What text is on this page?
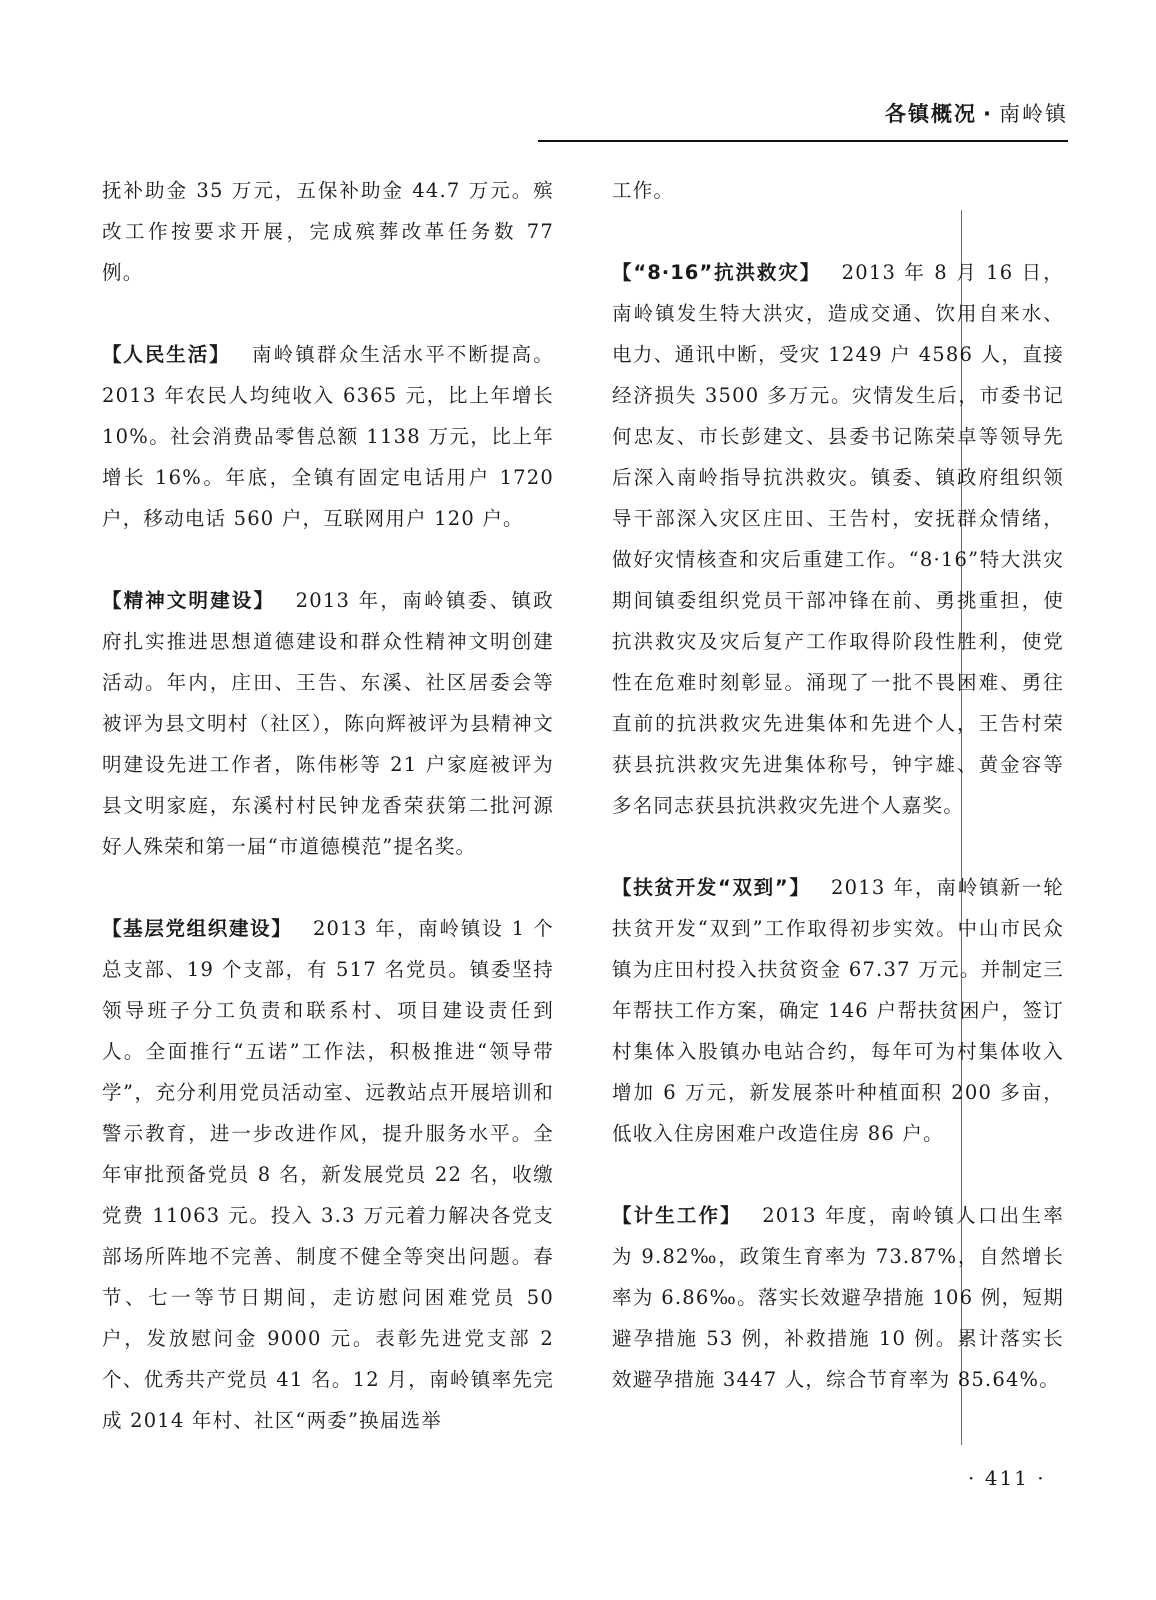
各镇概况 · 南岭镇

抚补助金 35 万元，五保补助金 44.7 万元。殡改工作按要求开展，完成殡葬改革任务数 77 例。

【人民生活】 南岭镇群众生活水平不断提高。2013 年农民人均纯收入 6365 元，比上年增长 10%。社会消费品零售总额 1138 万元，比上年增长 16%。年底，全镇有固定电话用户 1720 户，移动电话 560 户，互联网用户 120 户。

【精神文明建设】 2013 年，南岭镇委、镇政府扎实推进思想道德建设和群众性精神文明创建活动。年内，庄田、王告、东溪、社区居委会等被评为县文明村（社区），陈向辉被评为县精神文明建设先进工作者，陈伟彬等 21 户家庭被评为县文明家庭，东溪村村民钟龙香荣获第二批河源好人殊荣和第一届“市道德模范”提名奖。

【基层党组织建设】 2013 年，南岭镇设 1 个总支部、19 个支部，有 517 名党员。镇委坚持领导班子分工负责和联系村、项目建设责任到人。全面推行“五诺”工作法，积极推进“领导带学”，充分利用党员活动室、远教站点开展培训和警示教育，进一步改进作风，提升服务水平。全年审批预备党员 8 名，新发展党员 22 名，收缴党费 11063 元。投入 3.3 万元着力解决各党支部场所阵地不完善、制度不健全等突出问题。春节、七一等节日期间，走访慰问困难党员 50 户，发放慰问金 9000 元。表彰先进党支部 2 个、优秀共产党员 41 名。12 月，南岭镇率先完成 2014 年村、社区“两委”换届选举

工作。

【“8·16”抗洪救灾】 2013 年 8 月 16 日，南岭镇发生特大洪灾，造成交通、饮用自来水、电力、通讯中断，受灾 1249 户 4586 人，直接经济损失 3500 多万元。灾情发生后，市委书记何忠友、市长彭建文、县委书记陈荣卓等领导先后深入南岭指导抗洪救灾。镇委、镇政府组织领导干部深入灾区庄田、王告村，安抚群众情绪，做好灾情核查和灾后重建工作。“8·16”特大洪灾期间镇委组织党员干部冲锋在前、勇挑重担，使抗洪救灾及灾后复产工作取得阶段性胜利，使党性在危难时刻彰显。涌现了一批不畏困难、勇往直前的抗洪救灾先进集体和先进个人，王告村荣获县抗洪救灾先进集体称号，钟宇雄、黄金容等多名同志获县抗洪救灾先进个人嘉奖。

【扶贫开发“双到”】 2013 年，南岭镇新一轮扶贫开发“双到”工作取得初步实效。中山市民众镇为庄田村投入扶贫资金 67.37 万元。并制定三年帮扶工作方案，确定 146 户帮扶贫困户，签订村集体入股镇办电站合约，每年可为村集体收入增加 6 万元，新发展茶叶种植面积 200 多亩，低收入住房困难户改造住房 86 户。

【计生工作】 2013 年度，南岭镇人口出生率为 9.82‰，政策生育率为 73.87%，自然增长率为 6.86‰。落实长效避孕措施 106 例，短期避孕措施 53 例，补救措施 10 例。累计落实长效避孕措施 3447 人，综合节育率为 85.64%。

· 411 ·
